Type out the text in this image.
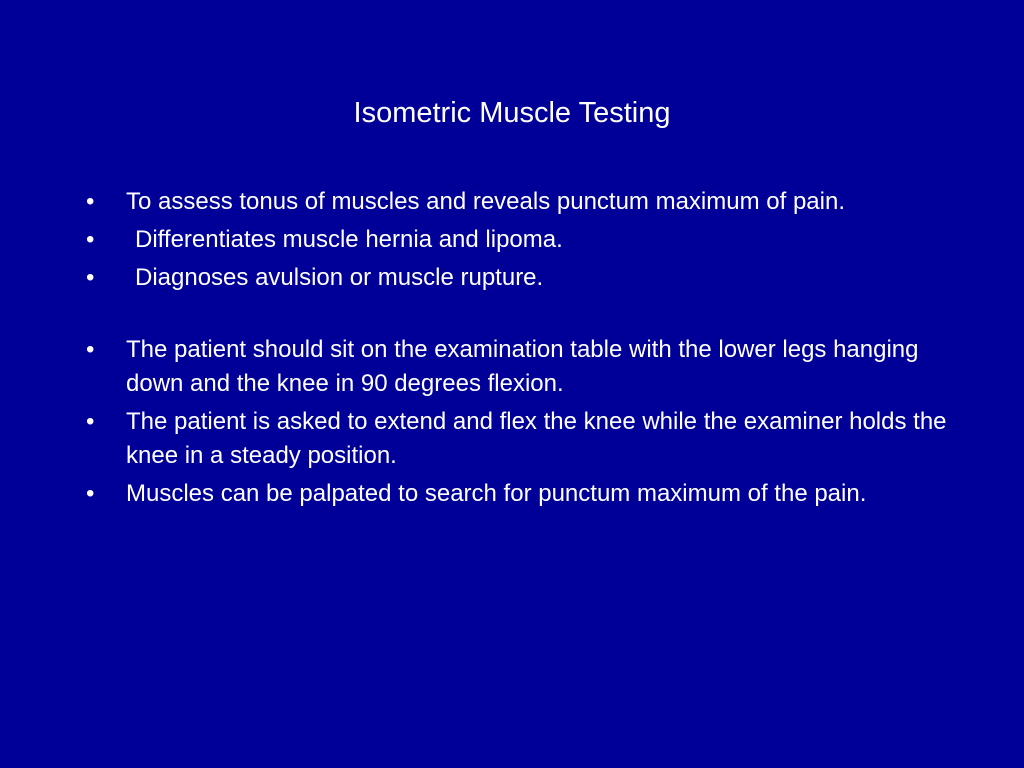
Isometric Muscle Testing
•	To assess tonus of muscles and reveals punctum maximum of pain.
•	Differentiates muscle hernia and lipoma.
•	Diagnoses avulsion or muscle rupture.
•	The patient should sit on the examination table with the lower legs hanging down and the knee in 90 degrees flexion.
•	The patient is asked to extend and flex the knee while the examiner holds the knee in a steady position.
•	Muscles can be palpated to search for punctum maximum of the pain.
